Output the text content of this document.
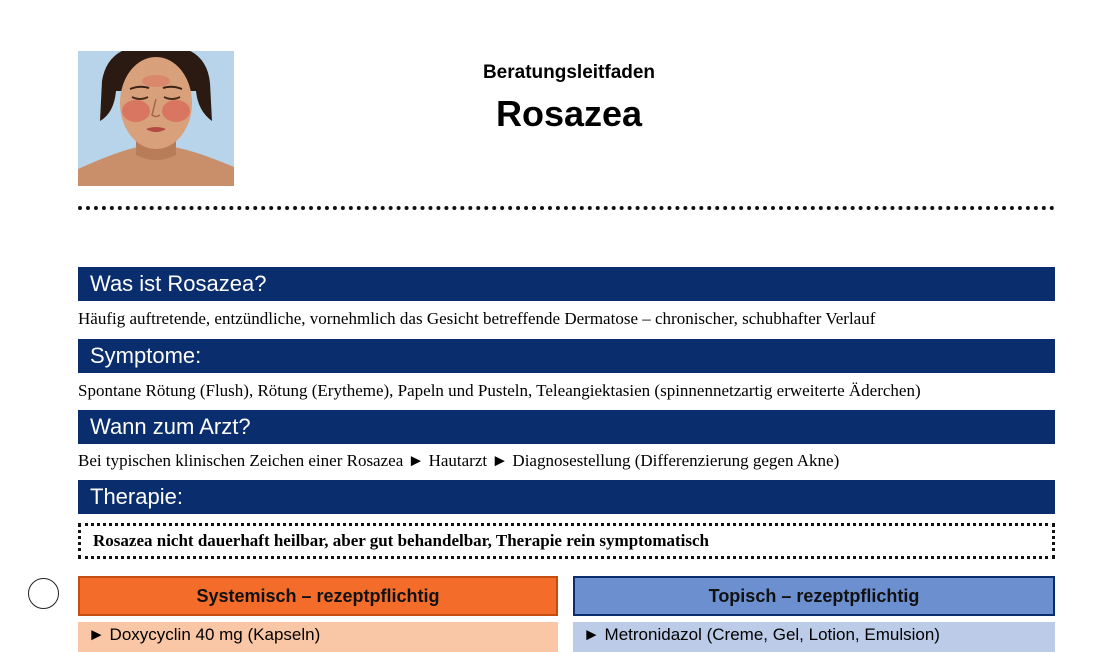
Beratungsleitfaden
Rosazea
Was ist Rosazea?
Häufig auftretende, entzündliche, vornehmlich das Gesicht betreffende Dermatose – chronischer, schubhafter Verlauf
Symptome:
Spontane Rötung (Flush), Rötung (Erytheme), Papeln und Pusteln, Teleangiektasien (spinnennetzartig erweiterte Äderchen)
Wann zum Arzt?
Bei typischen klinischen Zeichen einer Rosazea ► Hautarzt ► Diagnosestellung (Differenzierung gegen Akne)
Therapie:
Rosazea nicht dauerhaft heilbar, aber gut behandelbar, Therapie rein symptomatisch
Systemisch – rezeptpflichtig	Topisch – rezeptpflichtig
► Doxycyclin 40 mg (Kapseln)	► Metronidazol (Creme, Gel, Lotion, Emulsion)
